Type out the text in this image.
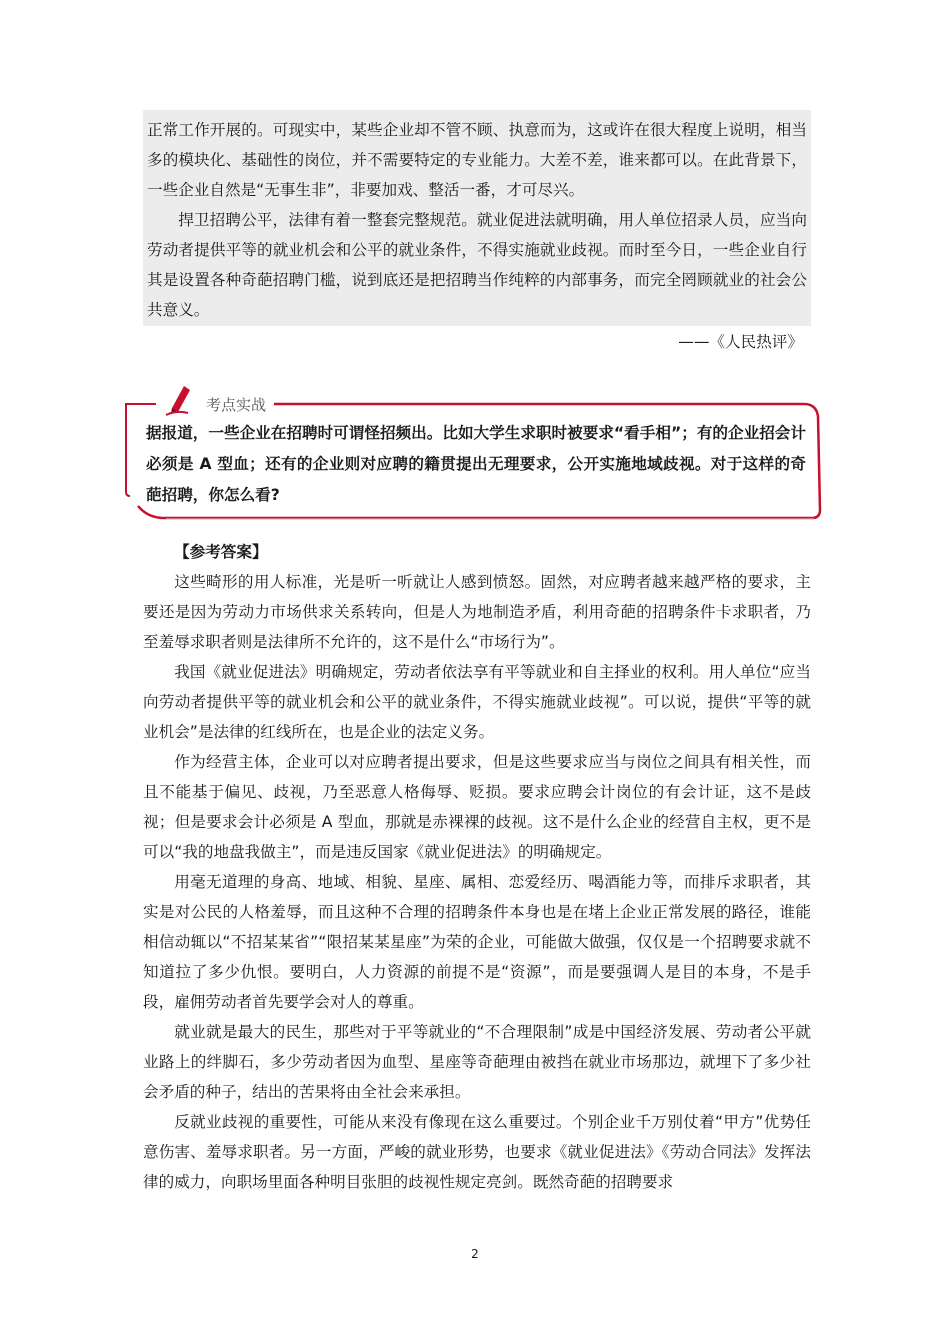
正常工作开展的。可现实中，某些企业却不管不顾、执意而为，这或许在很大程度上说明，相当多的模块化、基础性的岗位，并不需要特定的专业能力。大差不差，谁来都可以。在此背景下，一些企业自然是“无事生非”，非要加戏、整活一番，才可尽兴。

捍卫招聘公平，法律有着一整套完整规范。就业促进法就明确，用人单位招录人员，应当向劳动者提供平等的就业机会和公平的就业条件，不得实施就业歧视。而时至今日，一些企业自行其是设置各种奇葩招聘门槛，说到底还是把招聘当作纯粹的内部事务，而完全罔顾就业的社会公共意义。

——《人民热评》
考点实战

据报道，一些企业在招聘时可谓怪招频出。比如大学生求职时被要求“看手相”；有的企业招会计必须是 A 型血；还有的企业则对应聘的籍贯提出无理要求，公开实施地域歧视。对于这样的奇葩招聘，你怎么看?

【参考答案】

这些畸形的用人标准，光是听一听就让人感到愤怒。固然，对应聘者越来越严格的要求，主要还是因为劳动力市场供求关系转向，但是人为地制造矛盾，利用奇葩的招聘条件卡求职者，乃至羞辱求职者则是法律所不允许的，这不是什么“市场行为”。

我国《就业促进法》明确规定，劳动者依法享有平等就业和自主择业的权利。用人单位“应当向劳动者提供平等的就业机会和公平的就业条件，不得实施就业歧视”。可以说，提供“平等的就业机会”是法律的红线所在，也是企业的法定义务。

作为经营主体，企业可以对应聘者提出要求，但是这些要求应当与岗位之间具有相关性，而且不能基于偏见、歧视，乃至恶意人格侮辱、贬损。要求应聘会计岗位的有会计证，这不是歧视；但是要求会计必须是 A 型血，那就是赤裸裸的歧视。这不是什么企业的经营自主权，更不是可以“我的地盘我做主”，而是违反国家《就业促进法》的明确规定。

用毫无道理的身高、地域、相貌、星座、属相、恋爱经历、喝酒能力等，而排斥求职者，其实是对公民的人格羞辱，而且这种不合理的招聘条件本身也是在堵上企业正常发展的路径，谁能相信动辄以“不招某某省”“限招某某星座”为荣的企业，可能做大做强，仅仅是一个招聘要求就不知道拉了多少仇恨。要明白，人力资源的前提不是“资源”，而是要强调人是目的本身，不是手段，雇佣劳动者首先要学会对人的尊重。

就业就是最大的民生，那些对于平等就业的“不合理限制”成是中国经济发展、劳动者公平就业路上的绊脚石，多少劳动者因为血型、星座等奇葩理由被挡在就业市场那边，就埋下了多少社会矛盾的种子，结出的苦果将由全社会来承担。

反就业歧视的重要性，可能从来没有像现在这么重要过。个别企业千万别仗着“甲方”优势任意伤害、羞辱求职者。另一方面，严峻的就业形势，也要求《就业促进法》《劳动合同法》发挥法律的威力，向职场里面各种明目张胆的歧视性规定亮剑。既然奇葩的招聘要求

2
